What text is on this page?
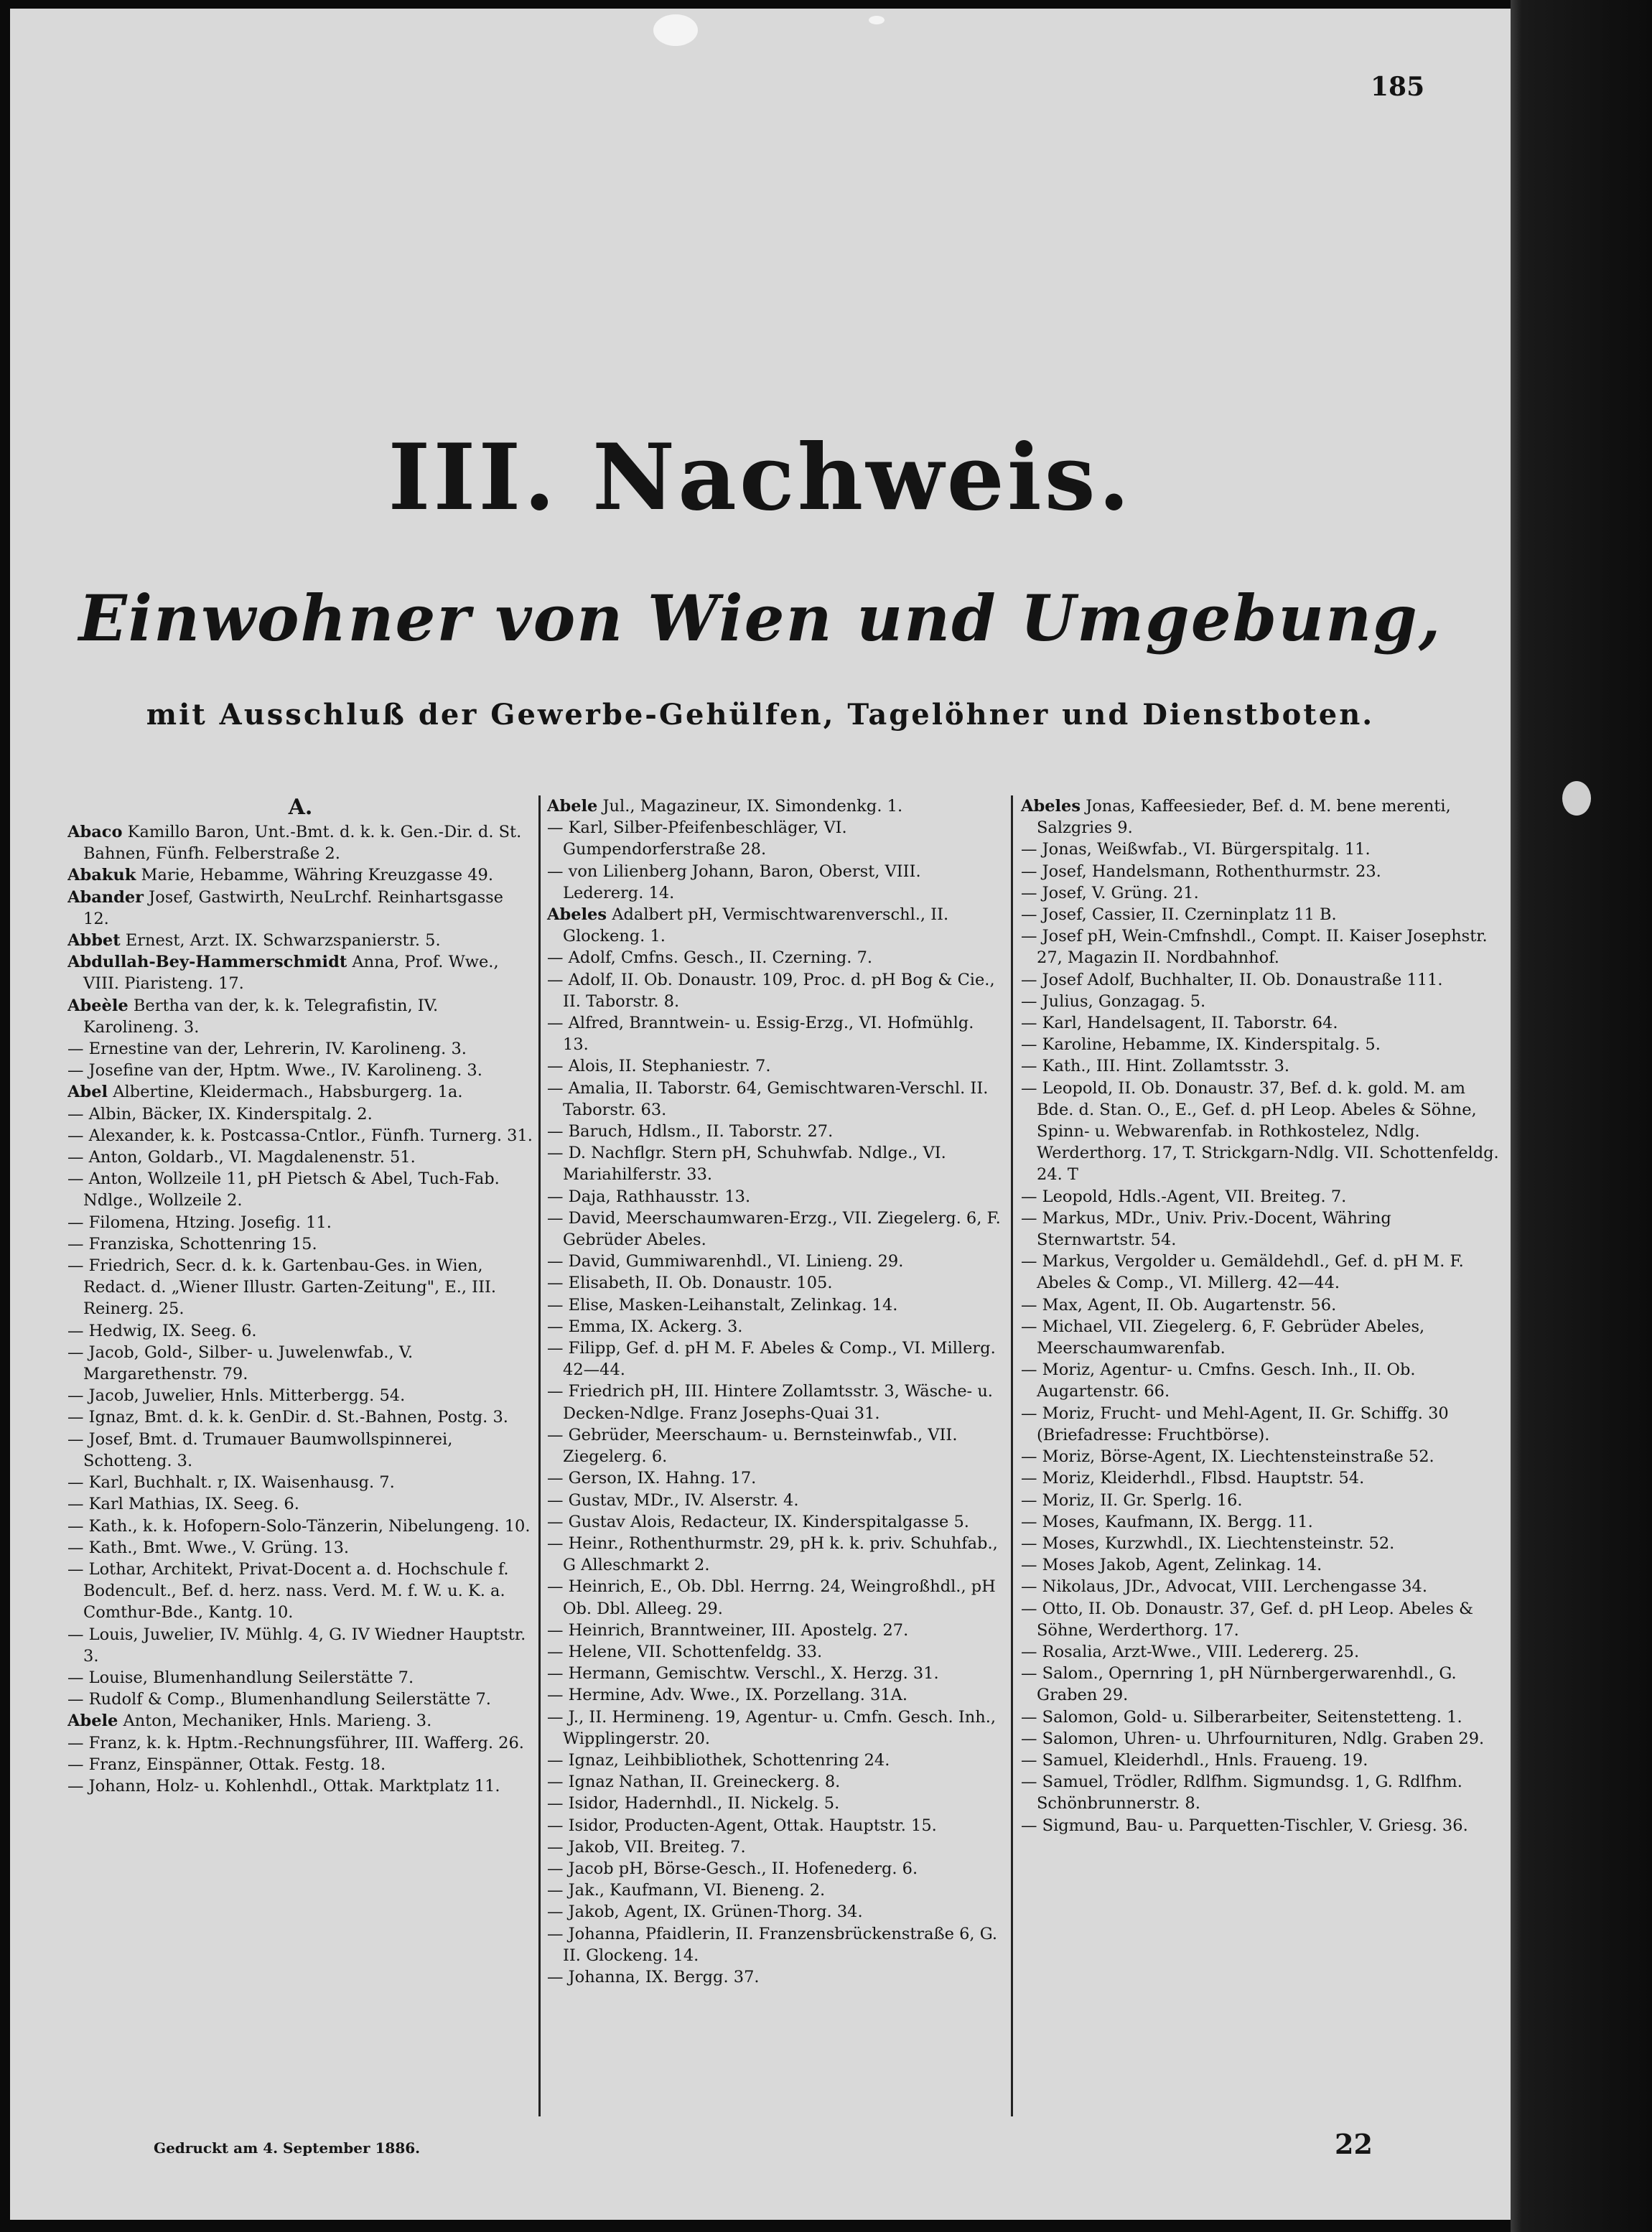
185
III. Nachweis.
Einwohner von Wien und Umgebung,
mit Ausschluß der Gewerbe-Gehülfen, Tagelöhner und Dienstboten.
A.
Abaco Kamillo Baron, Unt.-Bmt. d. k. k. Gen.-Dir. d. St. Bahnen, Fünfh. Felberstraße 2.
Abakuk Marie, Hebamme, Währing Kreuzgasse 49.
Abander Josef, Gastwirth, NeuLrchf. Reinhartsgasse 12.
Abbet Ernest, Arzt. IX. Schwarzspanierstr. 5.
Abdullah-Bey-Hammerschmidt Anna, Prof. Wwe., VIII. Piaristeng. 17.
Abeèle Bertha van der, k. k. Telegrafistin, IV. Karolineng. 3.
— Ernestine van der, Lehrerin, IV. Karolineng. 3.
— Josefine van der, Hptm. Wwe., IV. Karolineng. 3.
Abel Albertine, Kleidermach., Habsburgerg. 1a.
— Albin, Bäcker, IX. Kinderspitalg. 2.
— Alexander, k. k. Postcassa-Cntlor., Fünfh. Turnerg. 31.
— Anton, Goldarb., VI. Magdalenenstr. 51.
— Anton, Wollzeile 11, pH Pietsch & Abel, Tuch-Fab. Ndlge., Wollzeile 2.
— Filomena, Htzing. Josefig. 11.
— Franziska, Schottenring 15.
— Friedrich, Secr. d. k. k. Gartenbau-Ges. in Wien, Redact. d. „Wiener Illustr. Garten-Zeitung", E., III. Reinerg. 25.
— Hedwig, IX. Seeg. 6.
— Jacob, Gold-, Silber- u. Juwelenwfab., V. Margarethenstr. 79.
— Jacob, Juwelier, Hnls. Mitterbergg. 54.
— Ignaz, Bmt. d. k. k. GenDir. d. St.-Bahnen, Postg. 3.
— Josef, Bmt. d. Trumauer Baumwollspinnerei, Schotteng. 3.
— Karl, Buchhalt. r, IX. Waisenhausg. 7.
— Karl Mathias, IX. Seeg. 6.
— Kath., k. k. Hofopern-Solo-Tänzerin, Nibelungeng. 10.
— Kath., Bmt. Wwe., V. Grüng. 13.
— Lothar, Architekt, Privat-Docent a. d. Hochschule f. Bodencult., Bef. d. herz. nass. Verd. M. f. W. u. K. a. Comthur-Bde., Kantg. 10.
— Louis, Juwelier, IV. Mühlg. 4, G. IV Wiedner Hauptstr. 3.
— Louise, Blumenhandlung Seilerstätte 7.
— Rudolf & Comp., Blumenhandlung Seilerstätte 7.
Abele Anton, Mechaniker, Hnls. Marieng. 3.
— Franz, k. k. Hptm.-Rechnungsführer, III. Wafferg. 26.
— Franz, Einspänner, Ottak. Festg. 18.
— Johann, Holz- u. Kohlenhdl., Ottak. Marktplatz 11.
Abele Jul., Magazineur, IX. Simondenkg. 1.
— Karl, Silber-Pfeifenbeschläger, VI. Gumpendorferstraße 28.
— von Lilienberg Johann, Baron, Oberst, VIII. Ledererg. 14.
Abeles Adalbert pH, Vermischtwarenverschl., II. Glockeng. 1.
— Adolf, Cmfns. Gesch., II. Czerning. 7.
— Adolf, II. Ob. Donaustr. 109, Proc. d. pH Bog & Cie., II. Taborstr. 8.
— Alfred, Branntwein- u. Essig-Erzg., VI. Hofmühlg. 13.
— Alois, II. Stephaniestr. 7.
— Amalia, II. Taborstr. 64, Gemischtwaren-Verschl. II. Taborstr. 63.
— Baruch, Hdlsm., II. Taborstr. 27.
— D. Nachflgr. Stern pH, Schuhwfab. Ndlge., VI. Mariahilferstr. 33.
— Daja, Rathhausstr. 13.
— David, Meerschaumwaren-Erzg., VII. Ziegelerg. 6, F. Gebrüder Abeles.
— David, Gummiwarenhdl., VI. Linieng. 29.
— Elisabeth, II. Ob. Donaustr. 105.
— Elise, Masken-Leihanstalt, Zelinkag. 14.
— Emma, IX. Ackerg. 3.
— Filipp, Gef. d. pH M. F. Abeles & Comp., VI. Millerg. 42—44.
— Friedrich pH, III. Hintere Zollamtsstr. 3, Wäsche- u. Decken-Ndlge. Franz Josephs-Quai 31.
— Gebrüder, Meerschaum- u. Bernsteinwfab., VII. Ziegelerg. 6.
— Gerson, IX. Hahng. 17.
— Gustav, MDr., IV. Alserstr. 4.
— Gustav Alois, Redacteur, IX. Kinderspitalgasse 5.
— Heinr., Rothenthurmstr. 29, pH k. k. priv. Schuhfab., G Alleschmarkt 2.
— Heinrich, E., Ob. Dbl. Herrng. 24, Weingroßhdl., pH Ob. Dbl. Alleeg. 29.
— Heinrich, Branntweiner, III. Apostelg. 27.
— Helene, VII. Schottenfeldg. 33.
— Hermann, Gemischtw. Verschl., X. Herzg. 31.
— Hermine, Adv. Wwe., IX. Porzellang. 31A.
— J., II. Hermineng. 19, Agentur- u. Cmfn. Gesch. Inh., Wipplingerstr. 20.
— Ignaz, Leihbibliothek, Schottenring 24.
— Ignaz Nathan, II. Greineckerg. 8.
— Isidor, Hadernhdl., II. Nickelg. 5.
— Isidor, Producten-Agent, Ottak. Hauptstr. 15.
— Jakob, VII. Breiteg. 7.
— Jacob pH, Börse-Gesch., II. Hofenederg. 6.
— Jak., Kaufmann, VI. Bieneng. 2.
— Jakob, Agent, IX. Grünen-Thorg. 34.
— Johanna, Pfaidlerin, II. Franzensbrückenstraße 6, G. II. Glockeng. 14.
— Johanna, IX. Bergg. 37.
Abeles Jonas, Kaffeesieder, Bef. d. M. bene merenti, Salzgries 9.
— Jonas, Weißwfab., VI. Bürgerspitalg. 11.
— Josef, Handelsmann, Rothenthurmstr. 23.
— Josef, V. Grüng. 21.
— Josef, Cassier, II. Czerninplatz 11 B.
— Josef pH, Wein-Cmfnshdl., Compt. II. Kaiser Josephstr. 27, Magazin II. Nordbahnhof.
— Josef Adolf, Buchhalter, II. Ob. Donaustraße 111.
— Julius, Gonzagag. 5.
— Karl, Handelsagent, II. Taborstr. 64.
— Karoline, Hebamme, IX. Kinderspitalg. 5.
— Kath., III. Hint. Zollamtsstr. 3.
— Leopold, II. Ob. Donaustr. 37, Bef. d. k. gold. M. am Bde. d. Stan. O., E., Gef. d. pH Leop. Abeles & Söhne, Spinn- u. Webwarenfab. in Rothkostelez, Ndlg. Werderthorg. 17, T. Strickgarn-Ndlg. VII. Schottenfeldg. 24. T
— Leopold, Hdls.-Agent, VII. Breiteg. 7.
— Markus, MDr., Univ. Priv.-Docent, Währing Sternwartstr. 54.
— Markus, Vergolder u. Gemäldehdl., Gef. d. pH M. F. Abeles & Comp., VI. Millerg. 42—44.
— Max, Agent, II. Ob. Augartenstr. 56.
— Michael, VII. Ziegelerg. 6, F. Gebrüder Abeles, Meerschaumwarenfab.
— Moriz, Agentur- u. Cmfns. Gesch. Inh., II. Ob. Augartenstr. 66.
— Moriz, Frucht- und Mehl-Agent, II. Gr. Schiffg. 30 (Briefadresse: Fruchtbörse).
— Moriz, Börse-Agent, IX. Liechtensteinstraße 52.
— Moriz, Kleiderhdl., Flbsd. Hauptstr. 54.
— Moriz, II. Gr. Sperlg. 16.
— Moses, Kaufmann, IX. Bergg. 11.
— Moses, Kurzwhdl., IX. Liechtensteinstr. 52.
— Moses Jakob, Agent, Zelinkag. 14.
— Nikolaus, JDr., Advocat, VIII. Lerchengasse 34.
— Otto, II. Ob. Donaustr. 37, Gef. d. pH Leop. Abeles & Söhne, Werderthorg. 17.
— Rosalia, Arzt-Wwe., VIII. Ledererg. 25.
— Salom., Opernring 1, pH Nürnbergerwarenhdl., G. Graben 29.
— Salomon, Gold- u. Silberarbeiter, Seitenstetteng. 1.
— Salomon, Uhren- u. Uhrfournituren, Ndlg. Graben 29.
— Samuel, Kleiderhdl., Hnls. Fraueng. 19.
— Samuel, Trödler, Rdlfhm. Sigmundsg. 1, G. Rdlfhm. Schönbrunnerstr. 8.
— Sigmund, Bau- u. Parquetten-Tischler, V. Griesg. 36.
Gedruckt am 4. September 1886.	22
